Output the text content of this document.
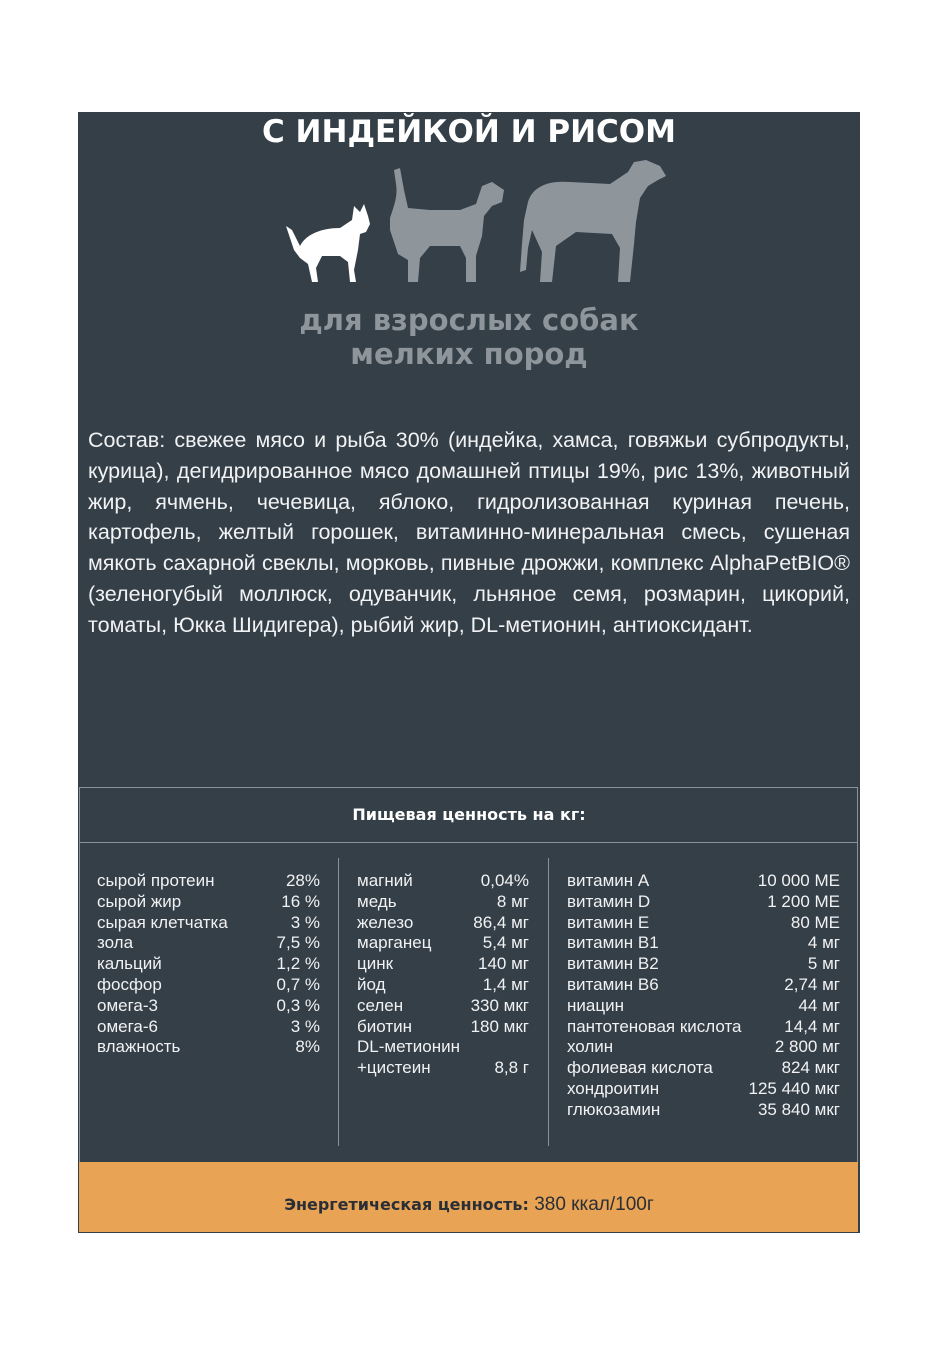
С ИНДЕЙКОЙ И РИСОМ
для взрослых собак
мелких пород

Состав: свежее мясо и рыба 30% (индейка, хамса, говяжьи субпродукты, курица), дегидрированное мясо домашней птицы 19%, рис 13%, животный жир, ячмень, чечевица, яблоко, гидролизованная куриная печень, картофель, желтый горошек, витаминно-минеральная смесь, сушеная мякоть сахарной свеклы, морковь, пивные дрожжи, комплекс AlphaPetBIO® (зеленогубый моллюск, одуванчик, льняное семя, розмарин, цикорий, томаты, Юкка Шидигера), рыбий жир, DL-метионин, антиоксидант.

Пищевая ценность на кг:
сырой протеин	28%
сырой жир	16 %
сырая клетчатка	3 %
зола	7,5 %
кальций	1,2 %
фосфор	0,7 %
омега-3	0,3 %
омега-6	3 %
влажность	8%
магний	0,04%
медь	8 мг
железо	86,4 мг
марганец	5,4 мг
цинк	140 мг
йод	1,4 мг
селен	330 мкг
биотин	180 мкг
DL-метионин
+цистеин	8,8 г
витамин A	10 000 МЕ
витамин D	1 200 МЕ
витамин E	80 МЕ
витамин B1	4 мг
витамин B2	5 мг
витамин B6	2,74 мг
ниацин	44 мг
пантотеновая кислота	14,4 мг
холин	2 800 мг
фолиевая кислота	824 мкг
хондроитин	125 440 мкг
глюкозамин	35 840 мкг
Энергетическая ценность: 380 ккал/100г
